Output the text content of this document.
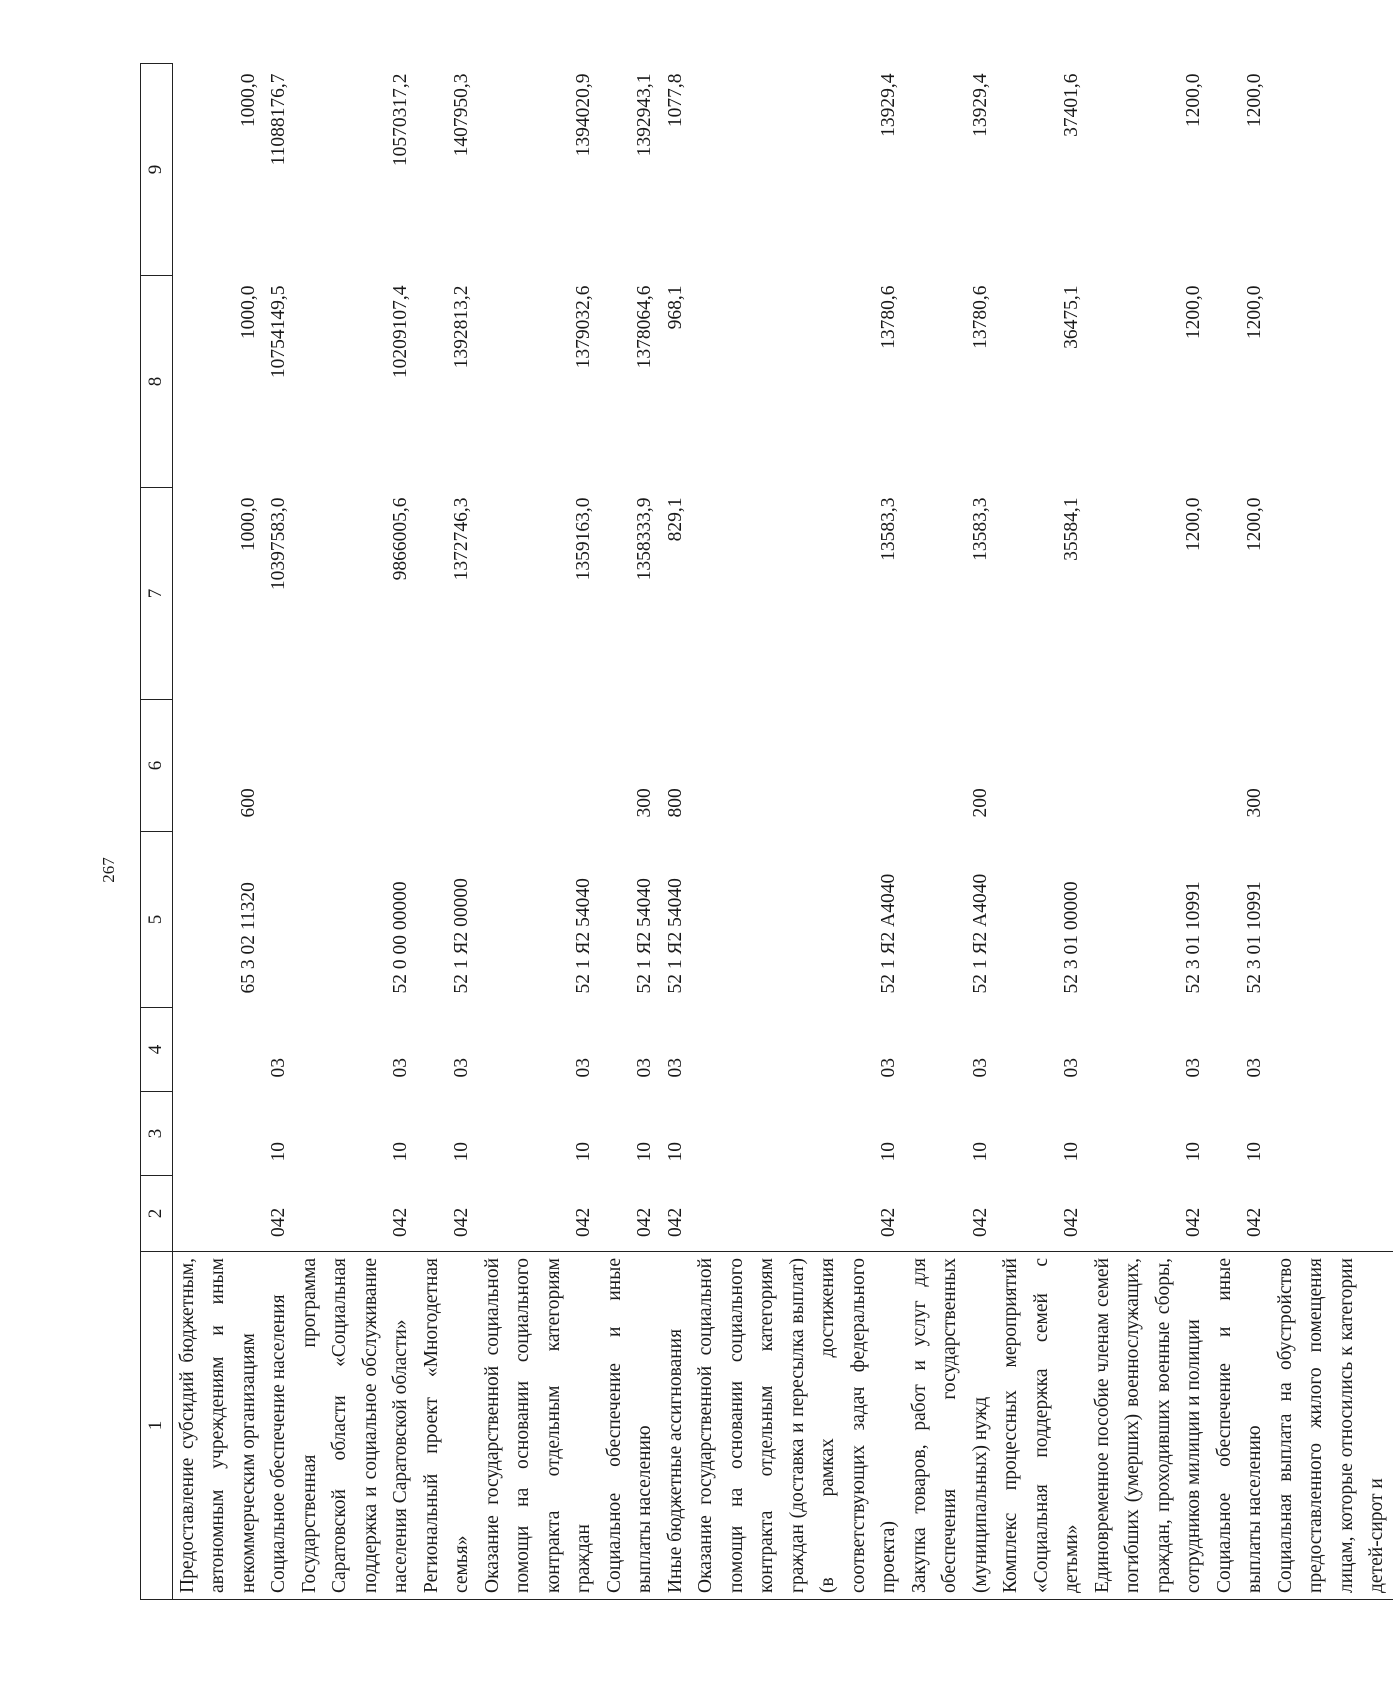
267
1	2	3	4	5	6	7	8	9
Предоставление субсидий бюджетным, автономным учреждениям и иным некоммерческим организациям				65 3 02 11320	600	1000,0	1000,0	1000,0
Социальное обеспечение населения	042	10	03			10397583,0	10754149,5	11088176,7
Государственная программа Саратовской области «Социальная поддержка и социальное обслуживание населения Саратовской области»	042	10	03	52 0 00 00000		9866005,6	10209107,4	10570317,2
Региональный проект «Многодетная семья»	042	10	03	52 1 Я2 00000		1372746,3	1392813,2	1407950,3
Оказание государственной социальной помощи на основании социального контракта отдельным категориям граждан	042	10	03	52 1 Я2 54040		1359163,0	1379032,6	1394020,9
Социальное обеспечение и иные выплаты населению	042	10	03	52 1 Я2 54040	300	1358333,9	1378064,6	1392943,1
Иные бюджетные ассигнования	042	10	03	52 1 Я2 54040	800	829,1	968,1	1077,8
Оказание государственной социальной помощи на основании социального контракта отдельным категориям граждан (доставка и пересылка выплат) (в рамках достижения соответствующих задач федерального проекта)	042	10	03	52 1 Я2 А4040		13583,3	13780,6	13929,4
Закупка товаров, работ и услуг для обеспечения государственных (муниципальных) нужд	042	10	03	52 1 Я2 А4040	200	13583,3	13780,6	13929,4
Комплекс процессных мероприятий «Социальная поддержка семей с детьми»	042	10	03	52 3 01 00000		35584,1	36475,1	37401,6
Единовременное пособие членам семей погибших (умерших) военнослужащих, граждан, проходивших военные сборы, сотрудников милиции и полиции	042	10	03	52 3 01 10991		1200,0	1200,0	1200,0
Социальное обеспечение и иные выплаты населению	042	10	03	52 3 01 10991	300	1200,0	1200,0	1200,0
Социальная выплата на обустройство предоставленного жилого помещения лицам, которые относились к категории детей-сирот и								
